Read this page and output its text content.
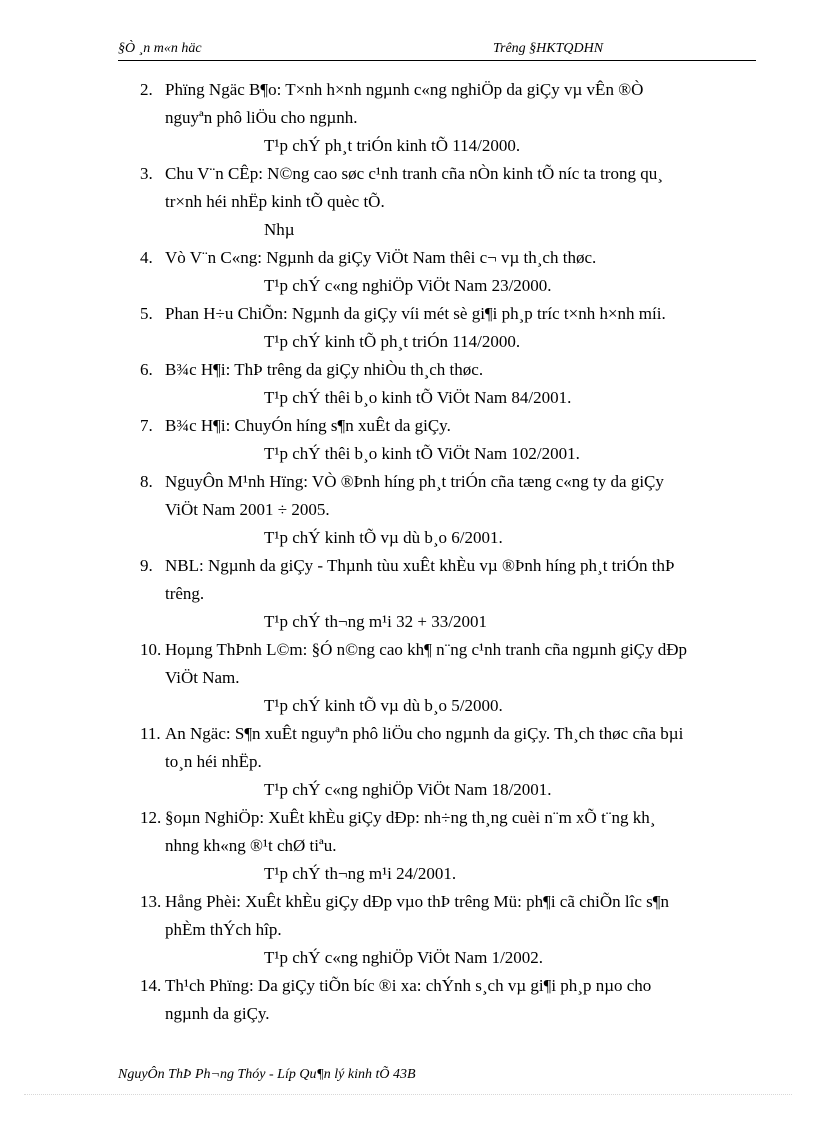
§Ò ¸n m«n häc	Trêng §HKTQDHN
2. Phïng Ngäc B¶o: T×nh h×nh ngµnh c«ng nghiÖp da giÇy vµ vÊn ®Ò
nguyªn phô liÖu cho ngµnh.
T¹p chÝ ph¸t triÓn kinh tÕ 114/2000.
3. Chu V¨n CÊp: N©ng cao søc c¹nh tranh cña nÒn kinh tÕ níc ta trong qu¸
tr×nh héi nhËp kinh tÕ quèc tÕ.
Nhµ
4. Vò V¨n C«ng: Ngµnh da giÇy ViÖt Nam thêi c¬ vµ th¸ch thøc.
T¹p chÝ c«ng nghiÖp ViÖt Nam 23/2000.
5. Phan H÷u ChiÕn: Ngµnh da giÇy víi mét sè gi¶i ph¸p tríc t×nh h×nh míi.
T¹p chÝ kinh tÕ ph¸t triÓn 114/2000.
6. B¾c H¶i: ThÞ trêng da giÇy nhiÒu th¸ch thøc.
T¹p chÝ thêi b¸o kinh tÕ ViÖt Nam 84/2001.
7. B¾c H¶i: ChuyÓn híng s¶n xuÊt da giÇy.
T¹p chÝ thêi b¸o kinh tÕ ViÖt Nam 102/2001.
8. NguyÔn M¹nh Hïng: VÒ ®Þnh híng ph¸t triÓn cña tæng c«ng ty da giÇy
ViÖt Nam 2001 ÷ 2005.
T¹p chÝ kinh tÕ vµ dù b¸o 6/2001.
9. NBL: Ngµnh da giÇy - Thµnh tùu xuÊt khÈu vµ ®Þnh híng ph¸t triÓn thÞ
trêng.
T¹p chÝ th¬ng m¹i 32 + 33/2001
10. Hoµng ThÞnh L©m: §Ó n©ng cao kh¶ n¨ng c¹nh tranh cña ngµnh giÇy dÐp
ViÖt Nam.
T¹p chÝ kinh tÕ vµ dù b¸o 5/2000.
11. An Ngäc: S¶n xuÊt nguyªn phô liÖu cho ngµnh da giÇy. Th¸ch thøc cña bµi
to¸n héi nhËp.
T¹p chÝ c«ng nghiÖp ViÖt Nam 18/2001.
12. §oµn NghiÖp: XuÊt khÈu giÇy dÐp: nh÷ng th¸ng cuèi n¨m xÕ t¨ng kh¸
nhng kh«ng ®¹t chØ tiªu.
T¹p chÝ th¬ng m¹i 24/2001.
13. Hång Phèi: XuÊt khÈu giÇy dÐp vµo thÞ trêng Mü: ph¶i cã chiÕn lîc s¶n
phÈm thÝch hîp.
T¹p chÝ c«ng nghiÖp ViÖt Nam 1/2002.
14. Th¹ch Phïng: Da giÇy tiÕn bíc ®i xa: chÝnh s¸ch vµ gi¶i ph¸p nµo cho
ngµnh da giÇy.
NguyÔn ThÞ Ph¬ng Thóy - Líp Qu¶n lý kinh tÕ 43B
